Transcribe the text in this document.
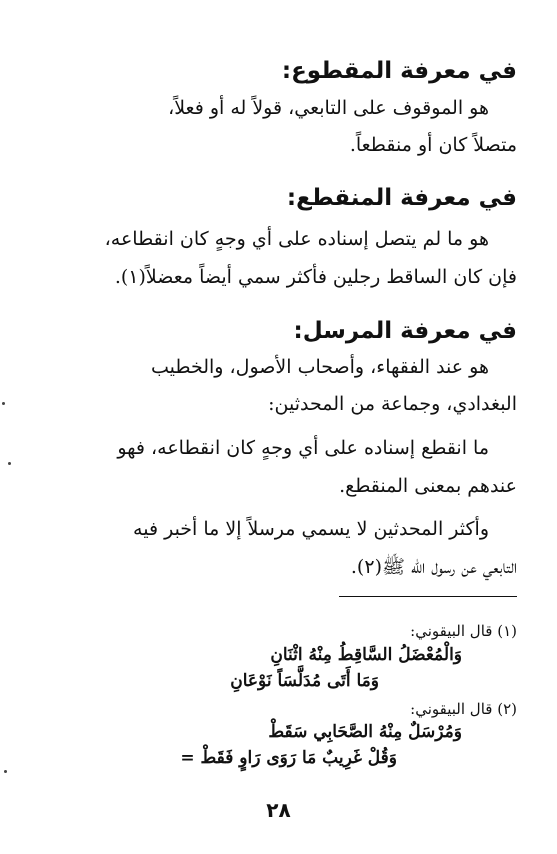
في معرفة المقطوع:
هو الموقوف على التابعي، قولاً له أو فعلاً،
متصلاً كان أو منقطعاً.
في معرفة المنقطع:
هو ما لم يتصل إسناده على أي وجهٍ كان انقطاعه،
فإن كان الساقط رجلين فأكثر سمي أيضاً معضلاً(١).
في معرفة المرسل:
هو عند الفقهاء، وأصحاب الأصول، والخطيب
البغدادي، وجماعة من المحدثين:
ما انقطع إسناده على أي وجهٍ كان انقطاعه، فهو
عندهم بمعنى المنقطع.
وأكثر المحدثين لا يسمي مرسلاً إلا ما أخبر فيه
التابعي عن رسول الله ﷺ(٢).
(١) قال البيقوني:
وَالْمُعْضَلُ السَّاقِطُ مِنْهُ اثْنَانِ
وَمَا أَتَى مُدَلَّسَاً نَوْعَانِ
(٢) قال البيقوني:
وَمُرْسَلٌ مِنْهُ الصَّحَابِي سَقَطْ
وَقُلْ غَرِيبٌ مَا رَوَى رَاوٍ فَقَطْ =
٢٨
